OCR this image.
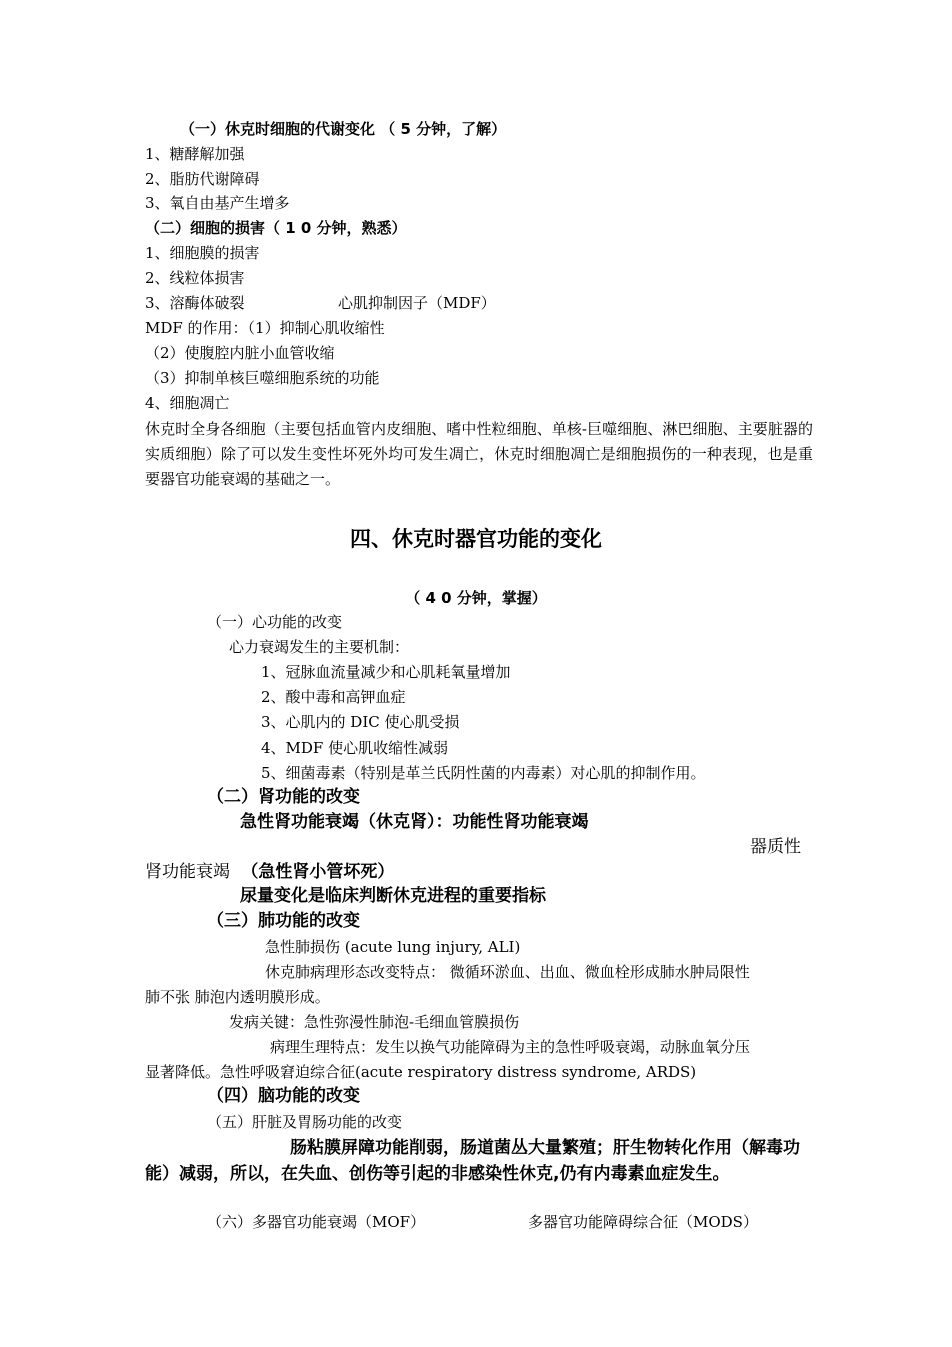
（一）休克时细胞的代谢变化 （ 5 分钟，了解）
1、糖酵解加强
2、脂肪代谢障碍
3、氧自由基产生增多
（二）细胞的损害（ 1 0 分钟，熟悉）
1、细胞膜的损害
2、线粒体损害
3、溶酶体破裂	心肌抑制因子（MDF）
MDF 的作用：（1）抑制心肌收缩性
（2）使腹腔内脏小血管收缩
（3）抑制单核巨噬细胞系统的功能
4、细胞凋亡
休克时全身各细胞（主要包括血管内皮细胞、嗜中性粒细胞、单核-巨噬细胞、淋巴细胞、主要脏器的实质细胞）除了可以发生变性坏死外均可发生凋亡，休克时细胞凋亡是细胞损伤的一种表现，也是重要器官功能衰竭的基础之一。
四、休克时器官功能的变化
（ 4 0 分钟，掌握）
（一）心功能的改变
心力衰竭发生的主要机制：
1、冠脉血流量减少和心肌耗氧量增加
2、酸中毒和高钾血症
3、心肌内的 DIC 使心肌受损
4、MDF 使心肌收缩性减弱
5、细菌毒素（特别是革兰氏阴性菌的内毒素）对心肌的抑制作用。
（二）肾功能的改变
急性肾功能衰竭（休克肾）：功能性肾功能衰竭
器质性
肾功能衰竭 （急性肾小管坏死）
尿量变化是临床判断休克进程的重要指标
（三）肺功能的改变
急性肺损伤 (acute lung injury, ALI)
休克肺病理形态改变特点： 微循环淤血、出血、微血栓形成肺水肿局限性
肺不张 肺泡内透明膜形成。
发病关键：急性弥漫性肺泡-毛细血管膜损伤
病理生理特点：发生以换气功能障碍为主的急性呼吸衰竭，动脉血氧分压
显著降低。急性呼吸窘迫综合征(acute respiratory distress syndrome, ARDS)
（四）脑功能的改变
（五）肝脏及胃肠功能的改变
肠粘膜屏障功能削弱，肠道菌丛大量繁殖；肝生物转化作用（解毒功能）减弱，所以，在失血、创伤等引起的非感染性休克,仍有内毒素血症发生。
（六）多器官功能衰竭（MOF）	多器官功能障碍综合征（MODS）
